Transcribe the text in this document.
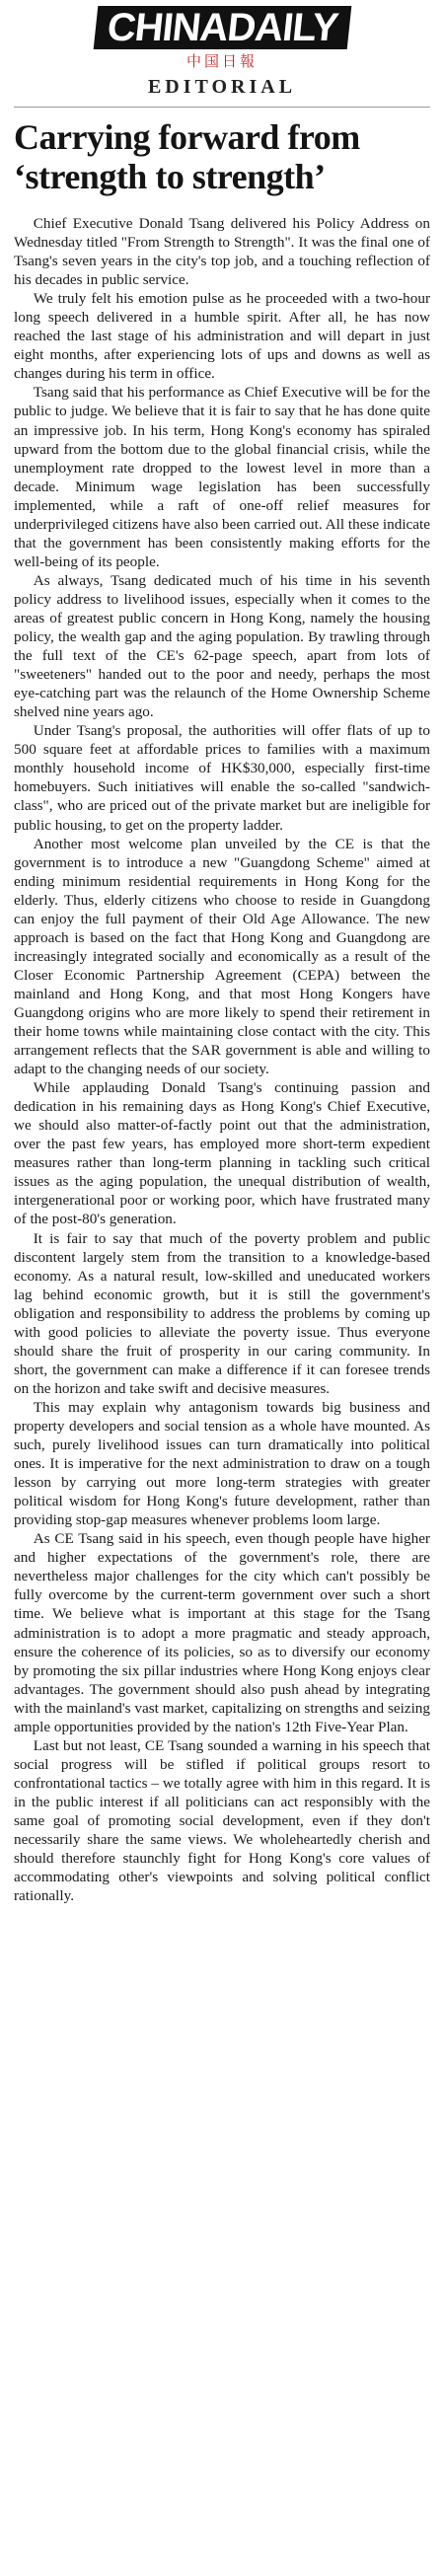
CHINADAILY
中国日報
EDITORIAL
Carrying forward from
‘strength to strength’

Chief Executive Donald Tsang delivered his Policy Address on Wednesday titled "From Strength to Strength". It was the final one of Tsang's seven years in the city's top job, and a touching reflection of his decades in public service.

We truly felt his emotion pulse as he proceeded with a two-hour long speech delivered in a humble spirit. After all, he has now reached the last stage of his administration and will depart in just eight months, after experiencing lots of ups and downs as well as changes during his term in office.

Tsang said that his performance as Chief Executive will be for the public to judge. We believe that it is fair to say that he has done quite an impressive job. In his term, Hong Kong's economy has spiraled upward from the bottom due to the global financial crisis, while the unemployment rate dropped to the lowest level in more than a decade. Minimum wage legislation has been successfully implemented, while a raft of one-off relief measures for underprivileged citizens have also been carried out. All these indicate that the government has been consistently making efforts for the well-being of its people.

As always, Tsang dedicated much of his time in his seventh policy address to livelihood issues, especially when it comes to the areas of greatest public concern in Hong Kong, namely the housing policy, the wealth gap and the aging population. By trawling through the full text of the CE's 62-page speech, apart from lots of "sweeteners" handed out to the poor and needy, perhaps the most eye-catching part was the relaunch of the Home Ownership Scheme shelved nine years ago.

Under Tsang's proposal, the authorities will offer flats of up to 500 square feet at affordable prices to families with a maximum monthly household income of HK$30,000, especially first-time homebuyers. Such initiatives will enable the so-called "sandwich-class", who are priced out of the private market but are ineligible for public housing, to get on the property ladder.

Another most welcome plan unveiled by the CE is that the government is to introduce a new "Guangdong Scheme" aimed at ending minimum residential requirements in Hong Kong for the elderly. Thus, elderly citizens who choose to reside in Guangdong can enjoy the full payment of their Old Age Allowance. The new approach is based on the fact that Hong Kong and Guangdong are increasingly integrated socially and economically as a result of the Closer Economic Partnership Agreement (CEPA) between the mainland and Hong Kong, and that most Hong Kongers have Guangdong origins who are more likely to spend their retirement in their home towns while maintaining close contact with the city. This arrangement reflects that the SAR government is able and willing to adapt to the changing needs of our society.

While applauding Donald Tsang's continuing passion and dedication in his remaining days as Hong Kong's Chief Executive, we should also matter-of-factly point out that the administration, over the past few years, has employed more short-term expedient measures rather than long-term planning in tackling such critical issues as the aging population, the unequal distribution of wealth, intergenerational poor or working poor, which have frustrated many of the post-80's generation.

It is fair to say that much of the poverty problem and public discontent largely stem from the transition to a knowledge-based economy. As a natural result, low-skilled and uneducated workers lag behind economic growth, but it is still the government's obligation and responsibility to address the problems by coming up with good policies to alleviate the poverty issue. Thus everyone should share the fruit of prosperity in our caring community. In short, the government can make a difference if it can foresee trends on the horizon and take swift and decisive measures.

This may explain why antagonism towards big business and property developers and social tension as a whole have mounted. As such, purely livelihood issues can turn dramatically into political ones. It is imperative for the next administration to draw on a tough lesson by carrying out more long-term strategies with greater political wisdom for Hong Kong's future development, rather than providing stop-gap measures whenever problems loom large.

As CE Tsang said in his speech, even though people have higher and higher expectations of the government's role, there are nevertheless major challenges for the city which can't possibly be fully overcome by the current-term government over such a short time. We believe what is important at this stage for the Tsang administration is to adopt a more pragmatic and steady approach, ensure the coherence of its policies, so as to diversify our economy by promoting the six pillar industries where Hong Kong enjoys clear advantages. The government should also push ahead by integrating with the mainland's vast market, capitalizing on strengths and seizing ample opportunities provided by the nation's 12th Five-Year Plan.

Last but not least, CE Tsang sounded a warning in his speech that social progress will be stifled if political groups resort to confrontational tactics – we totally agree with him in this regard. It is in the public interest if all politicians can act responsibly with the same goal of promoting social development, even if they don't necessarily share the same views. We wholeheartedly cherish and should therefore staunchly fight for Hong Kong's core values of accommodating other's viewpoints and solving political conflict rationally.
